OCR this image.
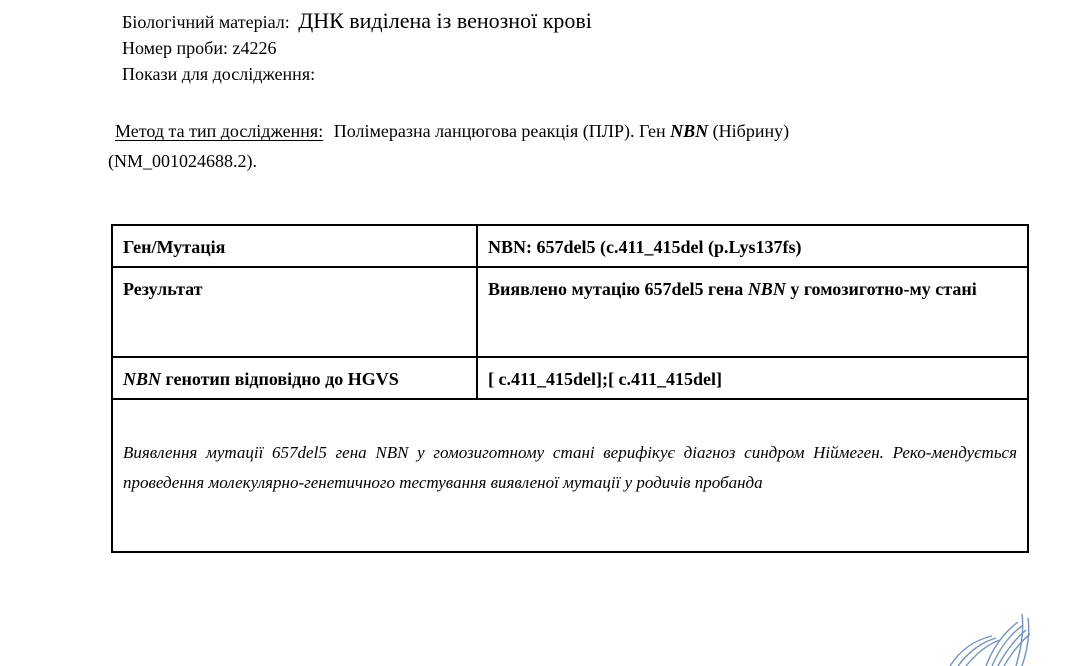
Біологічний матеріал: ДНК виділена із венозної крові
Номер проби: z4226
Покази для дослідження:
Метод та тип дослідження: Полімеразна ланцюгова реакція (ПЛР). Ген NBN (Нібрину)
(NM_001024688.2).
Ген/Мутація	NBN: 657del5 (c.411_415del (p.Lys137fs)
Результат	Виявлено мутацію 657del5 гена NBN у гомозиготно-му стані
NBN генотип відповідно до HGVS	[ c.411_415del];[ c.411_415del]
Виявлення мутації 657del5 гена NBN у гомозиготному стані верифікує діагноз синдром Ніймеген. Реко-мендується проведення молекулярно-генетичного тестування виявленої мутації у родичів пробанда	
